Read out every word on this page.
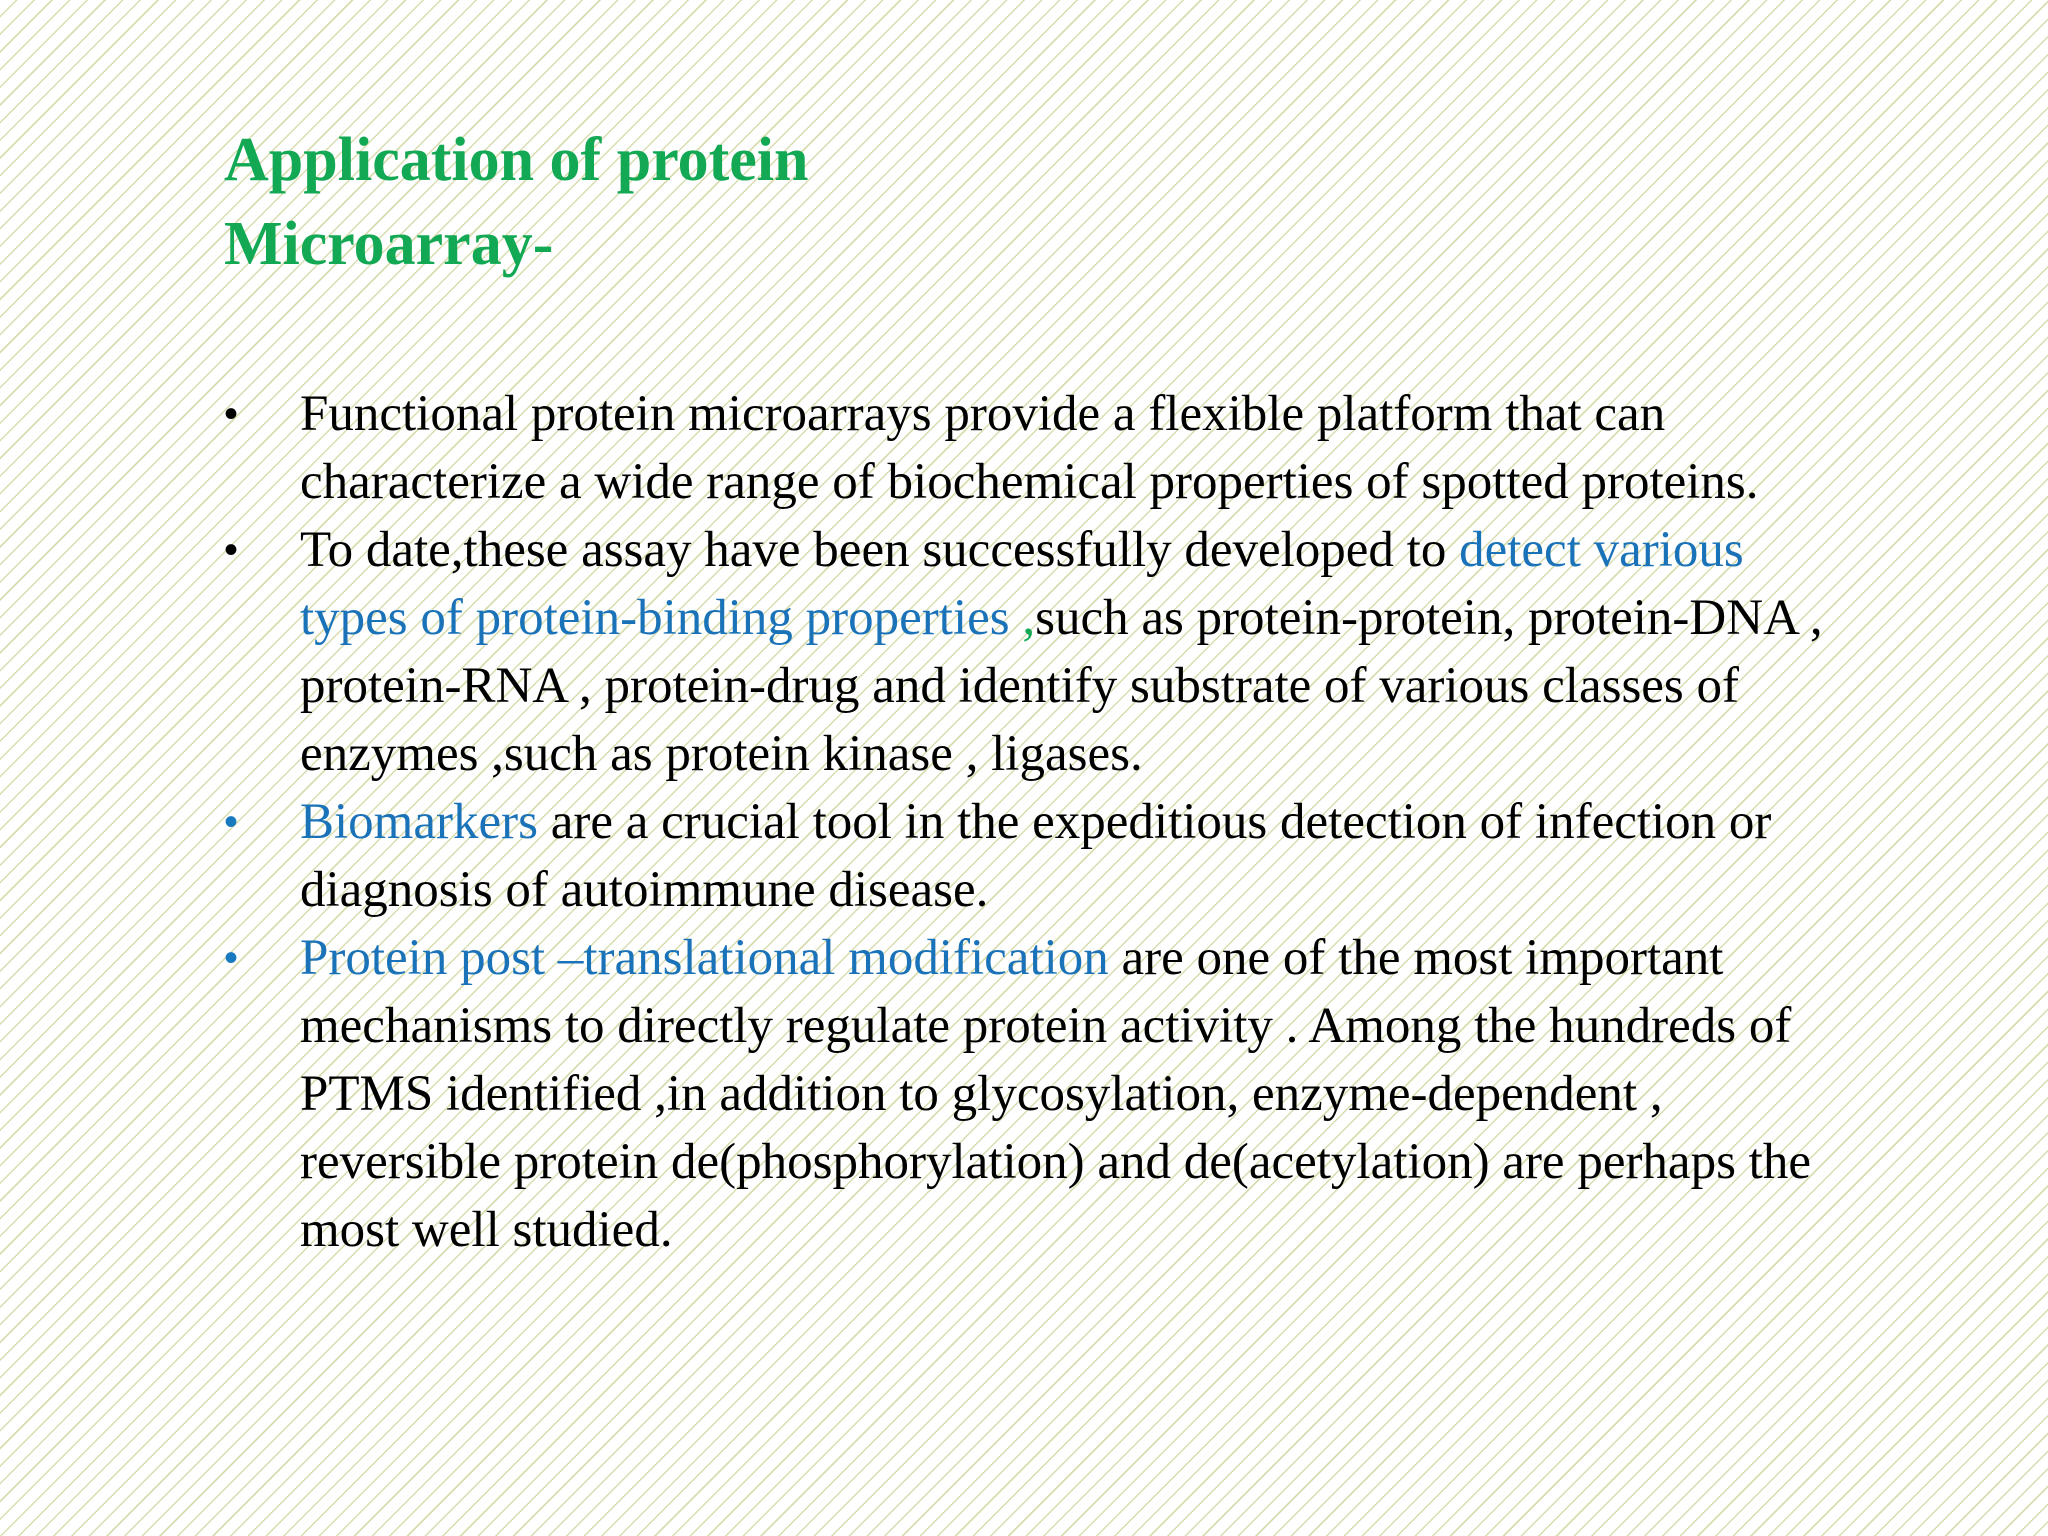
Application of protein
Microarray-
•	Functional protein microarrays provide a flexible platform that can characterize a wide range of biochemical properties of spotted proteins.
•	To date,these assay have been successfully developed to detect various types of protein-binding properties ,such as protein-protein, protein-DNA , protein-RNA , protein-drug and identify substrate of various classes of enzymes ,such as protein kinase , ligases.
•	Biomarkers are a crucial tool in the expeditious detection of infection or diagnosis of autoimmune disease.
•	Protein post –translational modification are one of the most important mechanisms to directly regulate protein activity . Among the hundreds of PTMS identified ,in addition to glycosylation, enzyme-dependent , reversible protein de(phosphorylation) and de(acetylation) are perhaps the most well studied.
